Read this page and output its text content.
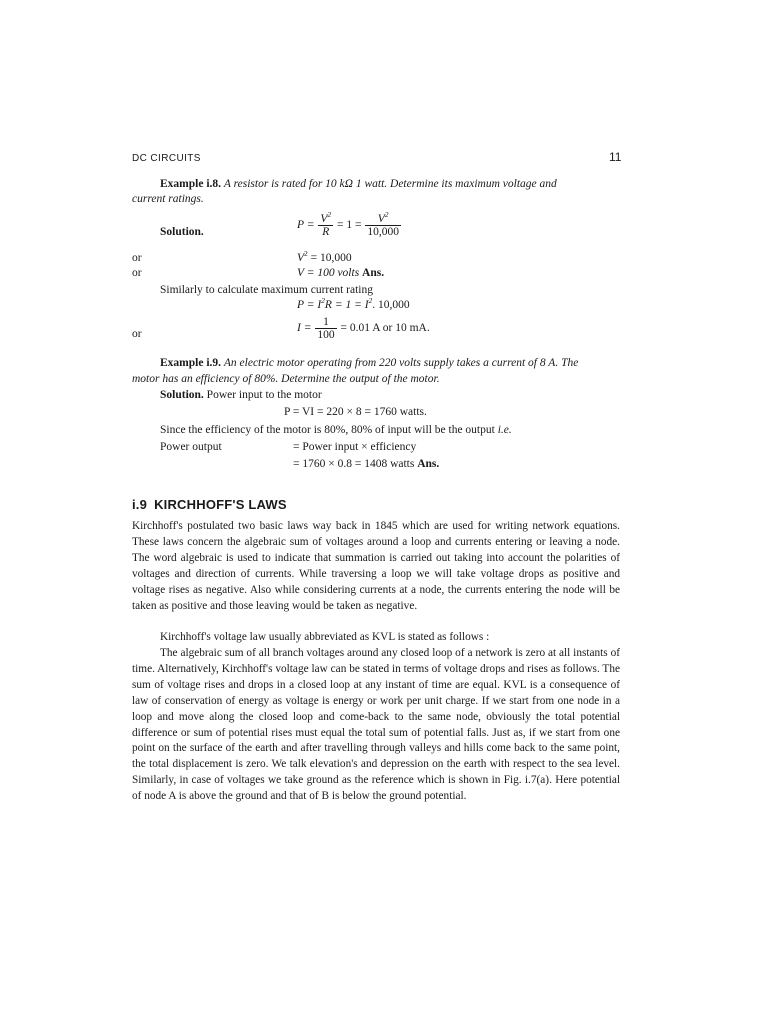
DC CIRCUITS	11
Example i.8. A resistor is rated for 10 kΩ 1 watt. Determine its maximum voltage and
current ratings.
Solution.
$P = \frac{V^2}{R} = 1 = \frac{V^2}{10,000}$
or	$V^2 = 10,000$
or	V = 100 volts Ans.
Similarly to calculate maximum current rating
$P = I^2R = 1 = I^2$. 10,000
or	$I = \frac{1}{100} = 0.01$ A or 10 mA.
Example i.9. An electric motor operating from 220 volts supply takes a current of 8 A. The
motor has an efficiency of 80%. Determine the output of the motor.
Solution. Power input to the motor
P = VI = 220 × 8 = 1760 watts.
Since the efficiency of the motor is 80%, 80% of input will be the output i.e.
Power output	= Power input × efficiency
= 1760 × 0.8 = 1408 watts Ans.
i.9 KIRCHHOFF'S LAWS
Kirchhoff's postulated two basic laws way back in 1845 which are used for writing network equations. These laws concern the algebraic sum of voltages around a loop and currents entering or leaving a node. The word algebraic is used to indicate that summation is carried out taking into account the polarities of voltages and direction of currents. While traversing a loop we will take voltage drops as positive and voltage rises as negative. Also while considering currents at a node, the currents entering the node will be taken as positive and those leaving would be taken as negative.
Kirchhoff's voltage law usually abbreviated as KVL is stated as follows :
The algebraic sum of all branch voltages around any closed loop of a network is zero at all instants of time. Alternatively, Kirchhoff's voltage law can be stated in terms of voltage drops and rises as follows. The sum of voltage rises and drops in a closed loop at any instant of time are equal. KVL is a consequence of law of conservation of energy as voltage is energy or work per unit charge. If we start from one node in a loop and move along the closed loop and come-back to the same node, obviously the total potential difference or sum of potential rises must equal the total sum of potential falls. Just as, if we start from one point on the surface of the earth and after travelling through valleys and hills come back to the same point, the total displacement is zero. We talk elevation's and depression on the earth with respect to the sea level. Similarly, in case of voltages we take ground as the reference which is shown in Fig. i.7(a). Here potential of node A is above the ground and that of B is below the ground potential.
